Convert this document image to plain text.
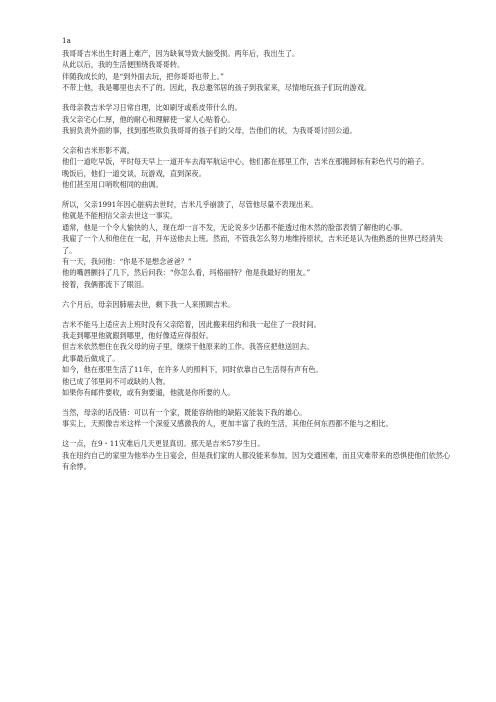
1a
我哥哥吉米出生时遇上难产，因为缺氧导致大脑受损。两年后，我出生了。
从此以后，我的生活便围绕我哥哥转。
伴随我成长的，是“到外面去玩，把你哥哥也带上。”
不带上他，我是哪里也去不了的。因此，我总邀邻居的孩子到我家来，尽情地玩孩子们玩的游戏。
我母亲教吉米学习日常自理，比如刷牙或系皮带什么的。
我父亲宅心仁厚，他的耐心和理解使一家人心贴着心。
我厨负责外面的事，找到那些欺负我哥哥的孩子们的父母，告他们的状，为我哥哥讨回公道。
父亲和吉米形影不离。
他们一道吃早饭，平时每天早上一道开车去海军航运中心，他们都在那里工作，吉米在那搬卸标有彩色代号的箱子。
晚饭后，他们一道交谈，玩游戏，直到深夜。
他们甚至用口哨吹相同的曲调。
所以，父亲1991年因心脏病去世时，吉米几乎崩溃了，尽管他尽量不表现出来。
他就是不能相信父亲去世这一事实。
通常，他是一个令人愉快的人，现在却一言不发，无论说多少话都不能透过他木然的脸部表情了解他的心事。
我雇了一个人和他住在一起，开车送他去上班。然而，不管我怎么努力地维持原状，吉米还是认为他熟悉的世界已经消失了。
有一天，我问他：“你是不是想念爸爸？”
他的嘴唇颤抖了几下，然后问我：“你怎么看，玛格丽特？他是我最好的朋友。”
接着，我俩都流下了眼泪。
六个月后，母亲因肺癌去世，剩下我一人来照顾吉米。
吉米不能马上适应去上班时没有父亲陪着，因此搬来纽约和我一起住了一段时间。
我走到哪里他就跟到哪里，他好像适应得很好。
但吉米依然想住在我父母的房子里，继续干他原来的工作。我答应把他送回去。
此事最后做成了。
如今，他在那里生活了11年，在许多人的照料下，同时依靠自己生活得有声有色。
他已成了邻里间不可或缺的人物。
如果你有邮件要收，或有狗要遛，他就是你所要的人。
当然，母亲的话没错：可以有一个家，既能容纳他的缺陷又能装下我的雄心。
事实上，天照像吉米这样一个深爱又感激我的人，更加丰富了我的生活，其他任何东西都不能与之相比。
这一点，在9・11灾难后几天更显真切。那天是吉米57岁生日。
我在纽约自己的家里为他举办生日宴会，但是我们家的人都没能来参加，因为交通困难，而且灾难带来的恐惧使他们依然心有余悸。
